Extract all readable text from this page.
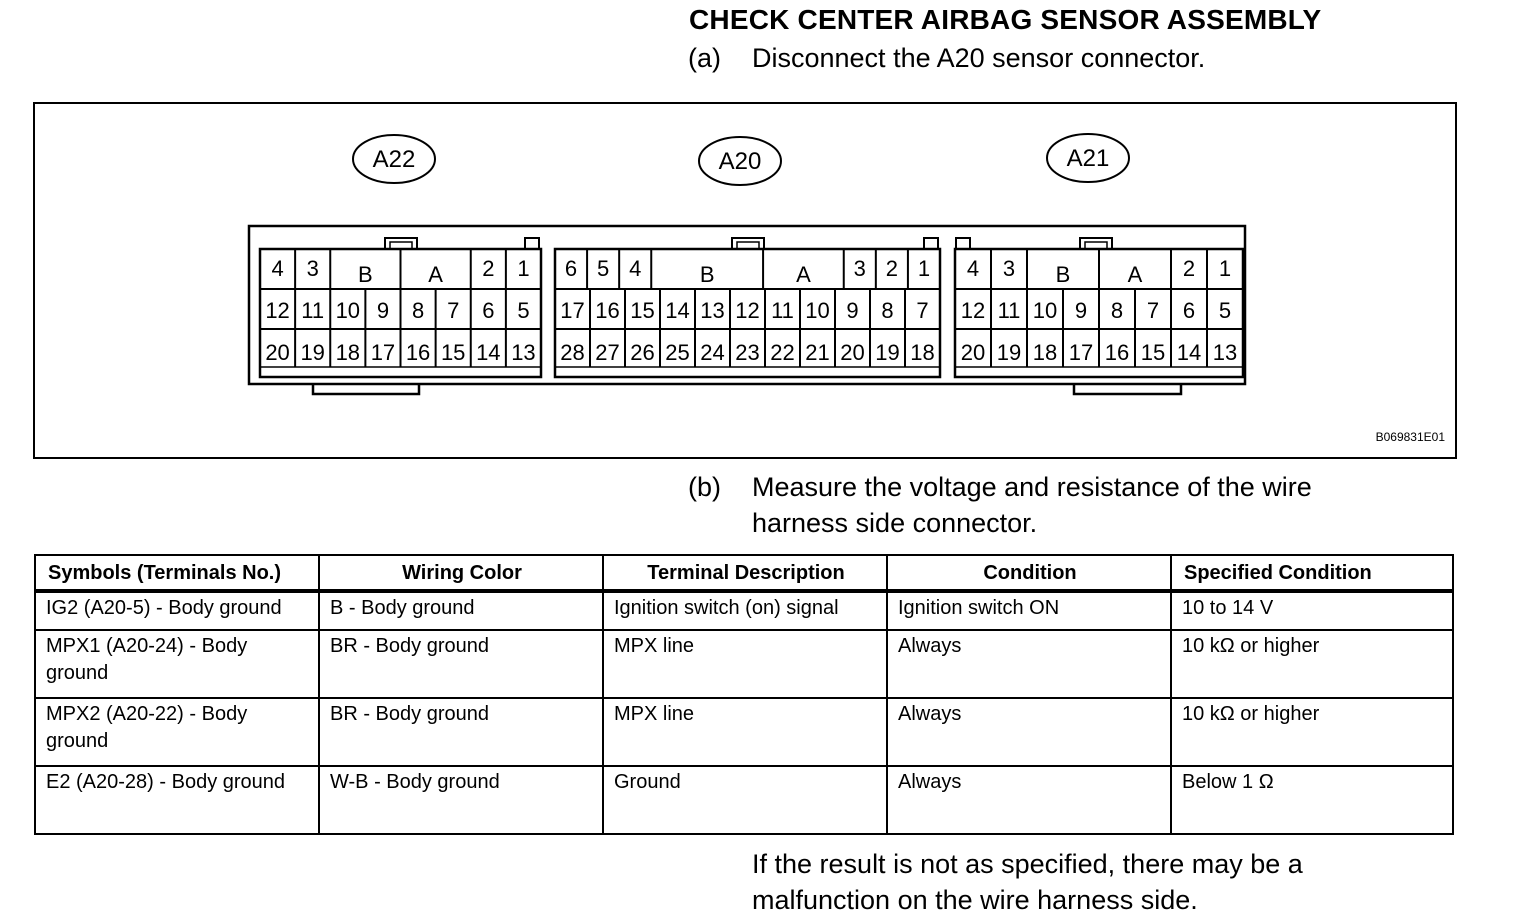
CHECK CENTER AIRBAG SENSOR ASSEMBLY
(a) Disconnect the A20 sensor connector.
A22
4 3 B	A 2 1
12 11 10 9 8 7 6 5
20 19 18 17 16 15 14 13
A20
6 5 4	B	A 3 2 1
17 16 15 14 13 12 11 10 9 8 7
28 27 26 25 24 23 22 21 20 19 18
A21
4 3 B	A 2 1
12 11 10 9 8 7 6 5
20 19 18 17 16 15 14 13
B069831E01
(b) Measure the voltage and resistance of the wire
harness side connector.
Symbols (Terminals No.)	Wiring Color	Terminal Description	Condition	Specified Condition
IG2 (A20-5) - Body ground	B - Body ground	Ignition switch (on) signal	Ignition switch ON	10 to 14 V
MPX1 (A20-24) - Body ground	BR - Body ground	MPX line	Always	10 kΩ or higher
MPX2 (A20-22) - Body ground	BR - Body ground	MPX line	Always	10 kΩ or higher
E2 (A20-28) - Body ground	W-B - Body ground	Ground	Always	Below 1 Ω
If the result is not as specified, there may be a
malfunction on the wire harness side.
